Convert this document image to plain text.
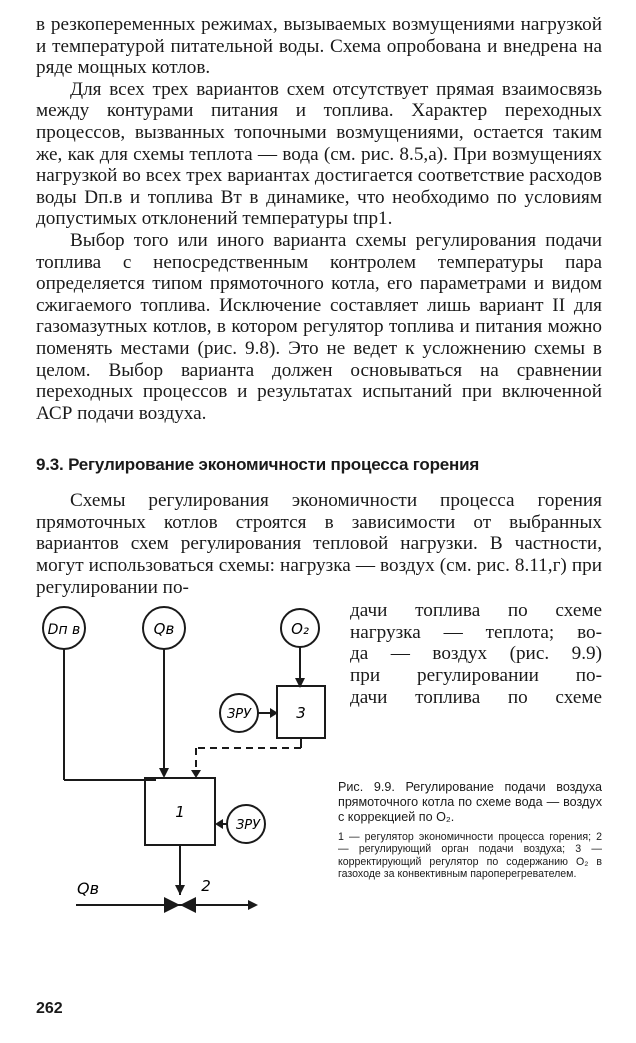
в резкопеременных режимах, вызываемых возмущениями нагрузкой и температурой питательной воды. Схема опробована и внедрена на ряде мощных котлов.

Для всех трех вариантов схем отсутствует прямая взаимосвязь между контурами питания и топлива. Характер переходных процессов, вызванных топочными возмущениями, остается таким же, как для схемы теплота — вода (см. рис. 8.5,а). При возмущениях нагрузкой во всех трех вариантах достигается соответствие расходов воды Dп.в и топлива Bт в динамике, что необходимо по условиям допустимых отклонений температуры tпр1.

Выбор того или иного варианта схемы регулирования подачи топлива с непосредственным контролем температуры пара определяется типом прямоточного котла, его параметрами и видом сжигаемого топлива. Исключение составляет лишь вариант II для газомазутных котлов, в котором регулятор топлива и питания можно поменять местами (рис. 9.8). Это не ведет к усложнению схемы в целом. Выбор варианта должен основываться на сравнении переходных процессов и результатах испытаний при включенной АСР подачи воздуха.

9.3. Регулирование экономичности процесса горения

Схемы регулирования экономичности процесса горения прямоточных котлов строятся в зависимости от выбранных вариантов схем регулирования тепловой нагрузки. В частности, могут использоваться схемы: нагрузка — воздух (см. рис. 8.11,г) при регулировании по-

дачи топлива по схеме
нагрузка — теплота; во-
да — воздух (рис. 9.9)
при регулировании по-
дачи топлива по схеме
Dп в	Qв	O₂
ЗРУ
ЗРУ
3
1
2
Qв

Рис. 9.9. Регулирование подачи воздуха прямоточного котла по схеме вода — воздух с коррекцией по O₂.

1 — регулятор экономичности процесса горения; 2 — регулирующий орган подачи воздуха; 3 — корректирующий регулятор по содержанию O₂ в газоходе за конвективным пароперегревателем.

262
